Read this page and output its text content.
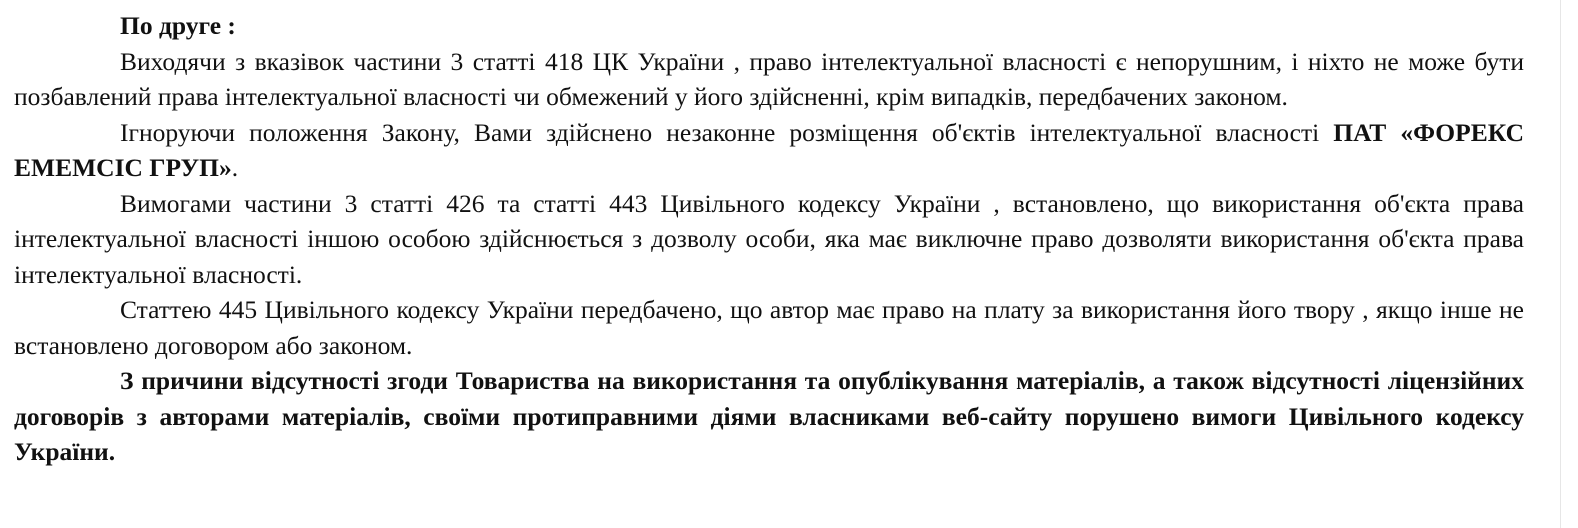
По друге :

Виходячи з вказівок частини 3 статті 418 ЦК України , право інтелектуальної власності є непорушним, і ніхто не може бути позбавлений права інтелектуальної власності чи обмежений у його здійсненні, крім випадків, передбачених законом.

Ігноруючи положення Закону, Вами здійснено незаконне розміщення об'єктів інтелектуальної власності ПАТ «ФОРЕКС ЕМЕМСІС ГРУП».

Вимогами частини 3 статті 426 та статті 443 Цивільного кодексу України , встановлено, що використання об'єкта права інтелектуальної власності іншою особою здійснюється з дозволу особи, яка має виключне право дозволяти використання об'єкта права інтелектуальної власності.

Статтею 445 Цивільного кодексу України передбачено, що автор має право на плату за використання його твору , якщо інше не встановлено договором або законом.

З причини відсутності згоди Товариства на використання та опублікування матеріалів, а також відсутності ліцензійних договорів з авторами матеріалів, своїми протиправними діями власниками веб-сайту порушено вимоги Цивільного кодексу України.
